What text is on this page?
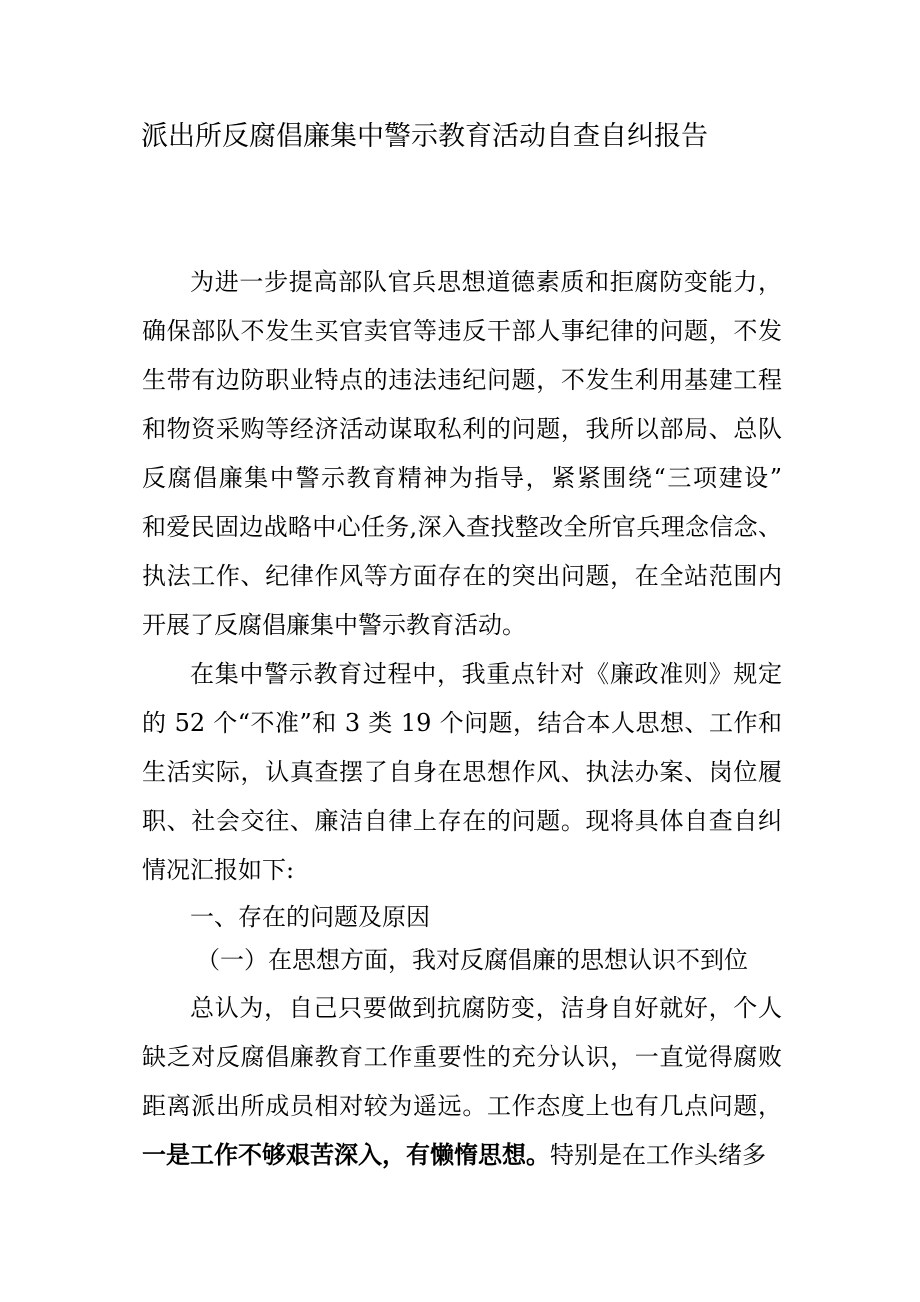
派出所反腐倡廉集中警示教育活动自查自纠报告
为进一步提高部队官兵思想道德素质和拒腐防变能力，
确保部队不发生买官卖官等违反干部人事纪律的问题，不发
生带有边防职业特点的违法违纪问题，不发生利用基建工程
和物资采购等经济活动谋取私利的问题，我所以部局、总队
反腐倡廉集中警示教育精神为指导，紧紧围绕“三项建设”
和爱民固边战略中心任务,深入查找整改全所官兵理念信念、
执法工作、纪律作风等方面存在的突出问题，在全站范围内
开展了反腐倡廉集中警示教育活动。
在集中警示教育过程中，我重点针对《廉政准则》规定
的 52 个“不准”和 3 类 19 个问题，结合本人思想、工作和
生活实际，认真查摆了自身在思想作风、执法办案、岗位履
职、社会交往、廉洁自律上存在的问题。现将具体自查自纠
情况汇报如下:
一、存在的问题及原因
（一）在思想方面，我对反腐倡廉的思想认识不到位
总认为，自己只要做到抗腐防变，洁身自好就好，个人
缺乏对反腐倡廉教育工作重要性的充分认识，一直觉得腐败
距离派出所成员相对较为遥远。工作态度上也有几点问题，
一是工作不够艰苦深入，有懒惰思想。特别是在工作头绪多
